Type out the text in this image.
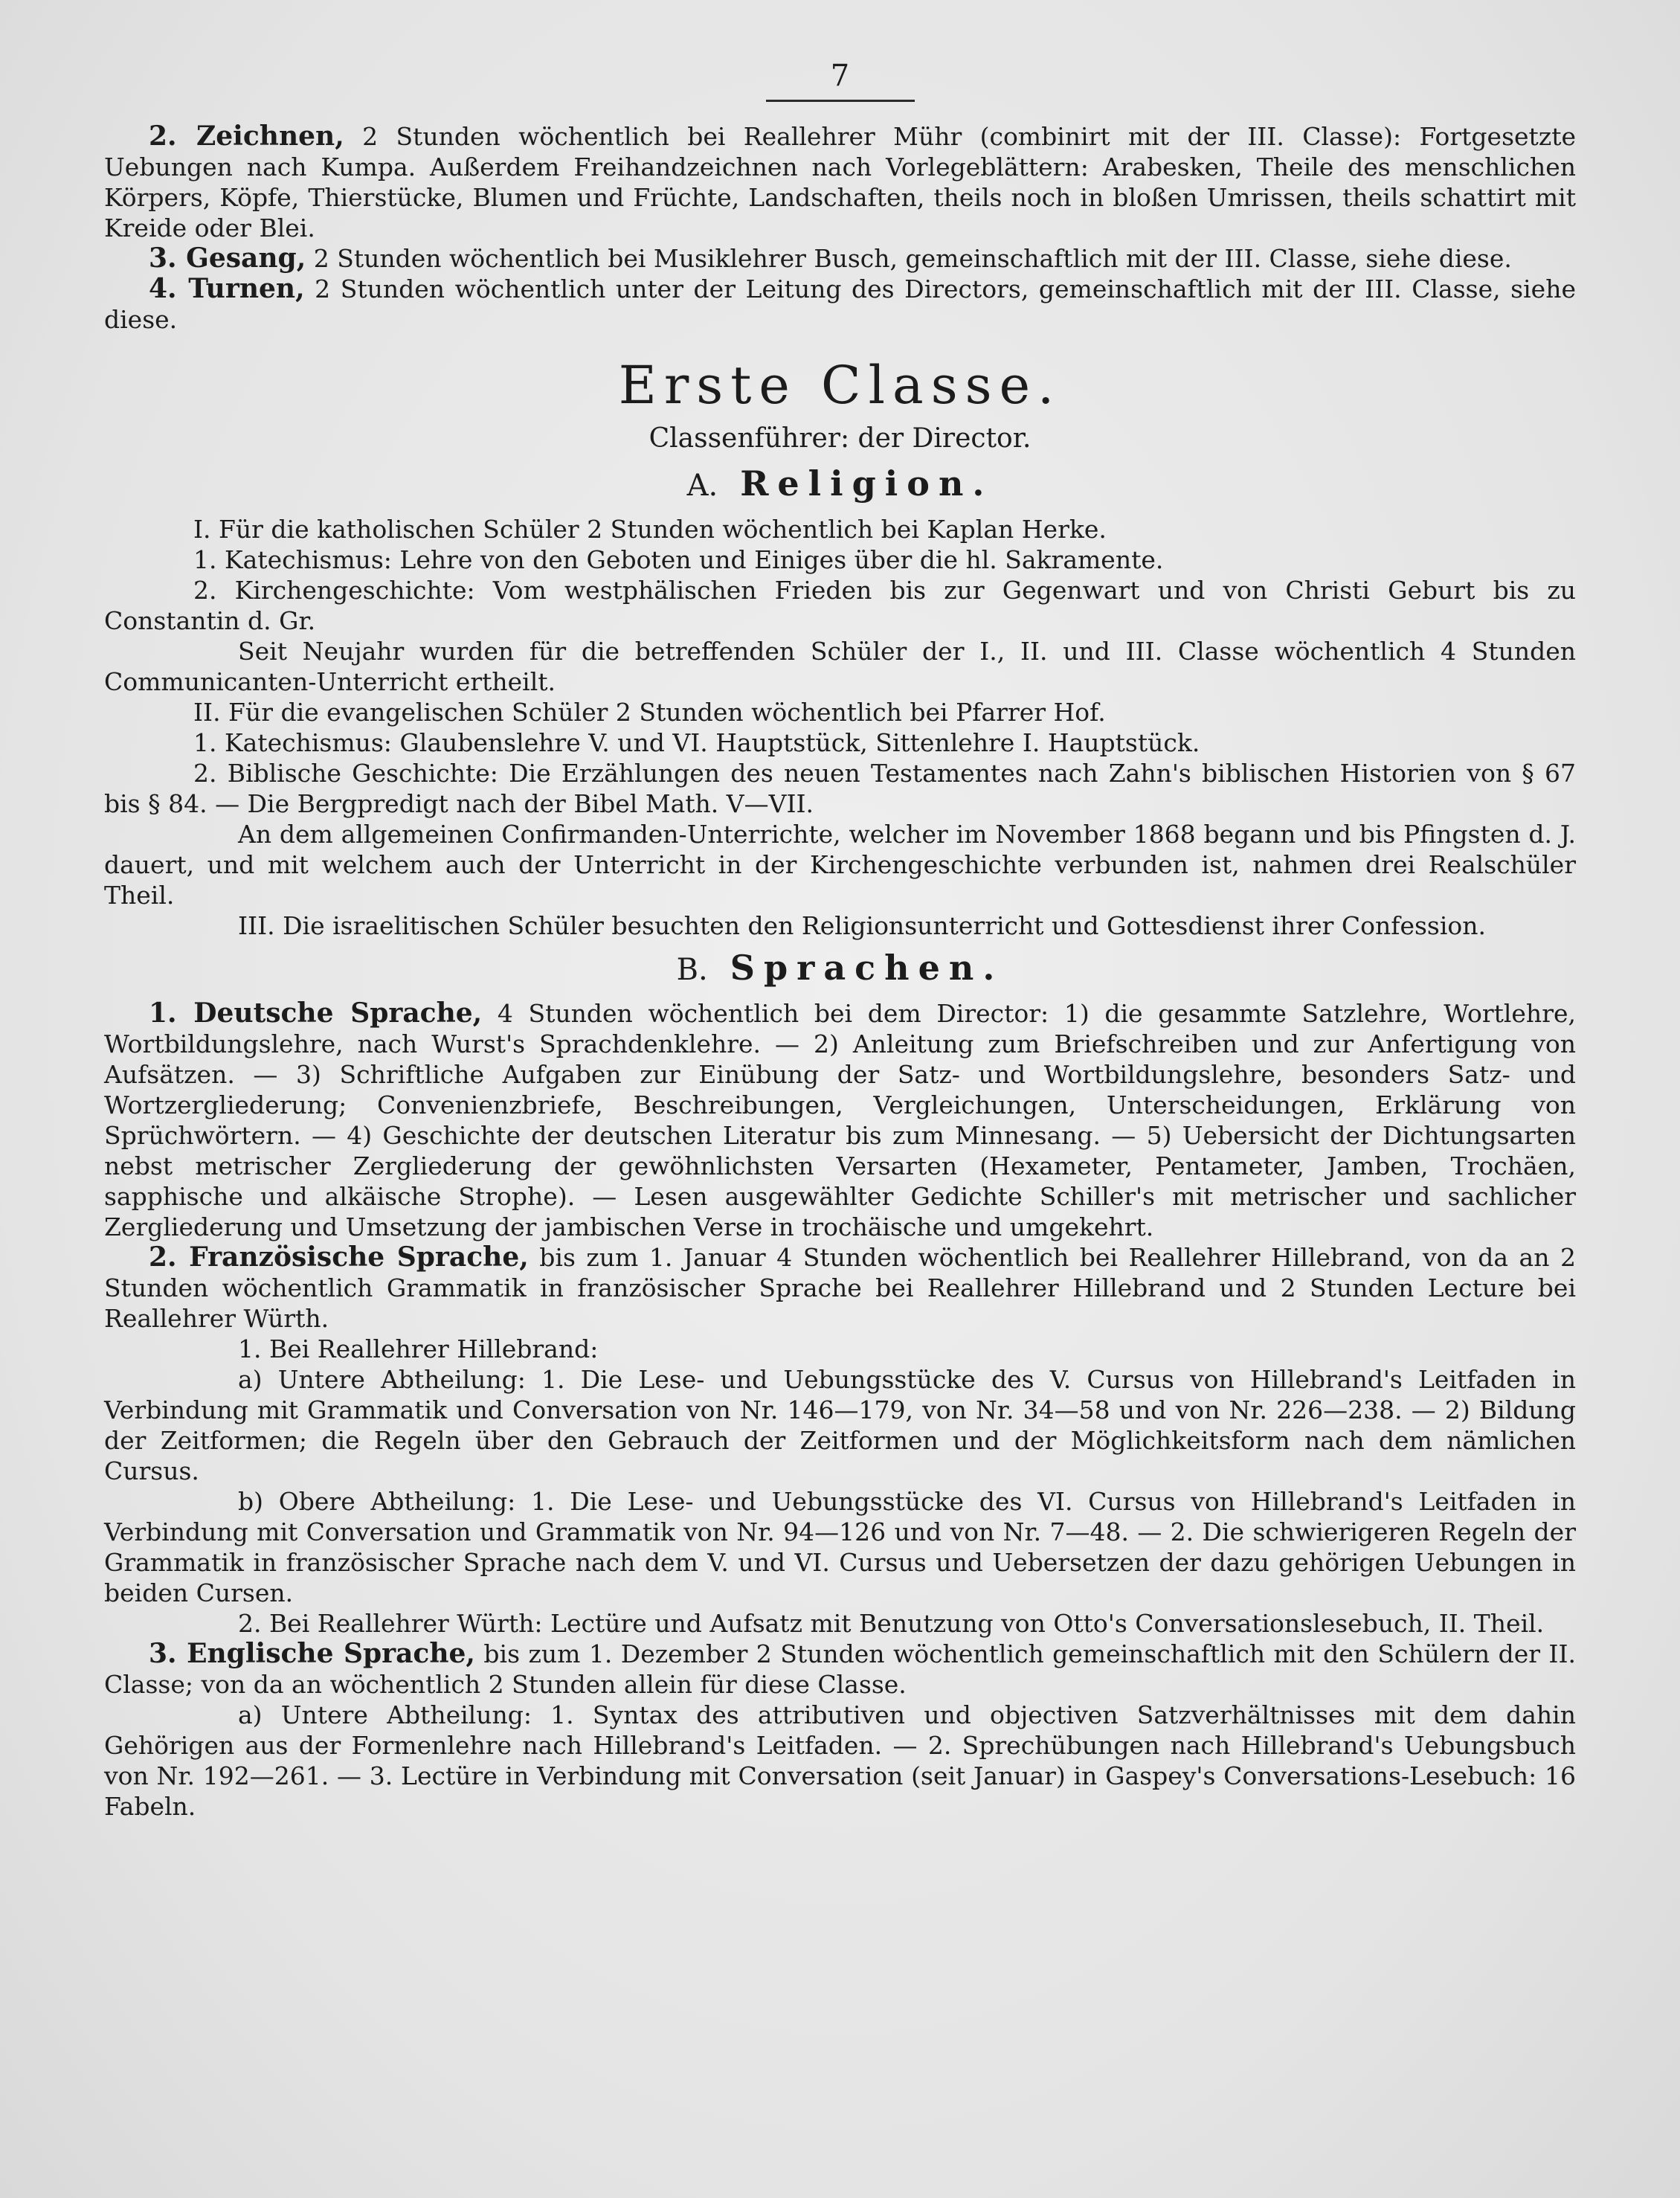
7

2. Zeichnen, 2 Stunden wöchentlich bei Reallehrer Mühr (combinirt mit der III. Classe): Fortgesetzte Uebungen nach Kumpa. Außerdem Freihandzeichnen nach Vorlegeblättern: Arabesken, Theile des menschlichen Körpers, Köpfe, Thierstücke, Blumen und Früchte, Landschaften, theils noch in bloßen Umrissen, theils schattirt mit Kreide oder Blei.

3. Gesang, 2 Stunden wöchentlich bei Musiklehrer Busch, gemeinschaftlich mit der III. Classe, siehe diese.

4. Turnen, 2 Stunden wöchentlich unter der Leitung des Directors, gemeinschaftlich mit der III. Classe, siehe diese.

Erste Classe.
Classenführer: der Director.
A. Religion.

I. Für die katholischen Schüler 2 Stunden wöchentlich bei Kaplan Herke.

1. Katechismus: Lehre von den Geboten und Einiges über die hl. Sakramente.

2. Kirchengeschichte: Vom westphälischen Frieden bis zur Gegenwart und von Christi Geburt bis zu Constantin d. Gr.

Seit Neujahr wurden für die betreffenden Schüler der I., II. und III. Classe wöchentlich 4 Stunden Communicanten-Unterricht ertheilt.

II. Für die evangelischen Schüler 2 Stunden wöchentlich bei Pfarrer Hof.

1. Katechismus: Glaubenslehre V. und VI. Hauptstück, Sittenlehre I. Hauptstück.

2. Biblische Geschichte: Die Erzählungen des neuen Testamentes nach Zahn's biblischen Historien von § 67 bis § 84. — Die Bergpredigt nach der Bibel Math. V—VII.

An dem allgemeinen Confirmanden-Unterrichte, welcher im November 1868 begann und bis Pfingsten d. J. dauert, und mit welchem auch der Unterricht in der Kirchengeschichte verbunden ist, nahmen drei Realschüler Theil.

III. Die israelitischen Schüler besuchten den Religionsunterricht und Gottesdienst ihrer Confession.

B. Sprachen.

1. Deutsche Sprache, 4 Stunden wöchentlich bei dem Director: 1) die gesammte Satzlehre, Wortlehre, Wortbildungslehre, nach Wurst's Sprachdenklehre. — 2) Anleitung zum Briefschreiben und zur Anfertigung von Aufsätzen. — 3) Schriftliche Aufgaben zur Einübung der Satz- und Wortbildungslehre, besonders Satz- und Wortzergliederung; Convenienzbriefe, Beschreibungen, Vergleichungen, Unterscheidungen, Erklärung von Sprüchwörtern. — 4) Geschichte der deutschen Literatur bis zum Minnesang. — 5) Uebersicht der Dichtungsarten nebst metrischer Zergliederung der gewöhnlichsten Versarten (Hexameter, Pentameter, Jamben, Trochäen, sapphische und alkäische Strophe). — Lesen ausgewählter Gedichte Schiller's mit metrischer und sachlicher Zergliederung und Umsetzung der jambischen Verse in trochäische und umgekehrt.

2. Französische Sprache, bis zum 1. Januar 4 Stunden wöchentlich bei Reallehrer Hillebrand, von da an 2 Stunden wöchentlich Grammatik in französischer Sprache bei Reallehrer Hillebrand und 2 Stunden Lecture bei Reallehrer Würth.

1. Bei Reallehrer Hillebrand:

a) Untere Abtheilung: 1. Die Lese- und Uebungsstücke des V. Cursus von Hillebrand's Leitfaden in Verbindung mit Grammatik und Conversation von Nr. 146—179, von Nr. 34—58 und von Nr. 226—238. — 2) Bildung der Zeitformen; die Regeln über den Gebrauch der Zeitformen und der Möglichkeitsform nach dem nämlichen Cursus.

b) Obere Abtheilung: 1. Die Lese- und Uebungsstücke des VI. Cursus von Hillebrand's Leitfaden in Verbindung mit Conversation und Grammatik von Nr. 94—126 und von Nr. 7—48. — 2. Die schwierigeren Regeln der Grammatik in französischer Sprache nach dem V. und VI. Cursus und Uebersetzen der dazu gehörigen Uebungen in beiden Cursen.

2. Bei Reallehrer Würth: Lectüre und Aufsatz mit Benutzung von Otto's Conversationslesebuch, II. Theil.

3. Englische Sprache, bis zum 1. Dezember 2 Stunden wöchentlich gemeinschaftlich mit den Schülern der II. Classe; von da an wöchentlich 2 Stunden allein für diese Classe.

a) Untere Abtheilung: 1. Syntax des attributiven und objectiven Satzverhältnisses mit dem dahin Gehörigen aus der Formenlehre nach Hillebrand's Leitfaden. — 2. Sprechübungen nach Hillebrand's Uebungsbuch von Nr. 192—261. — 3. Lectüre in Verbindung mit Conversation (seit Januar) in Gaspey's Conversations-Lesebuch: 16 Fabeln.
